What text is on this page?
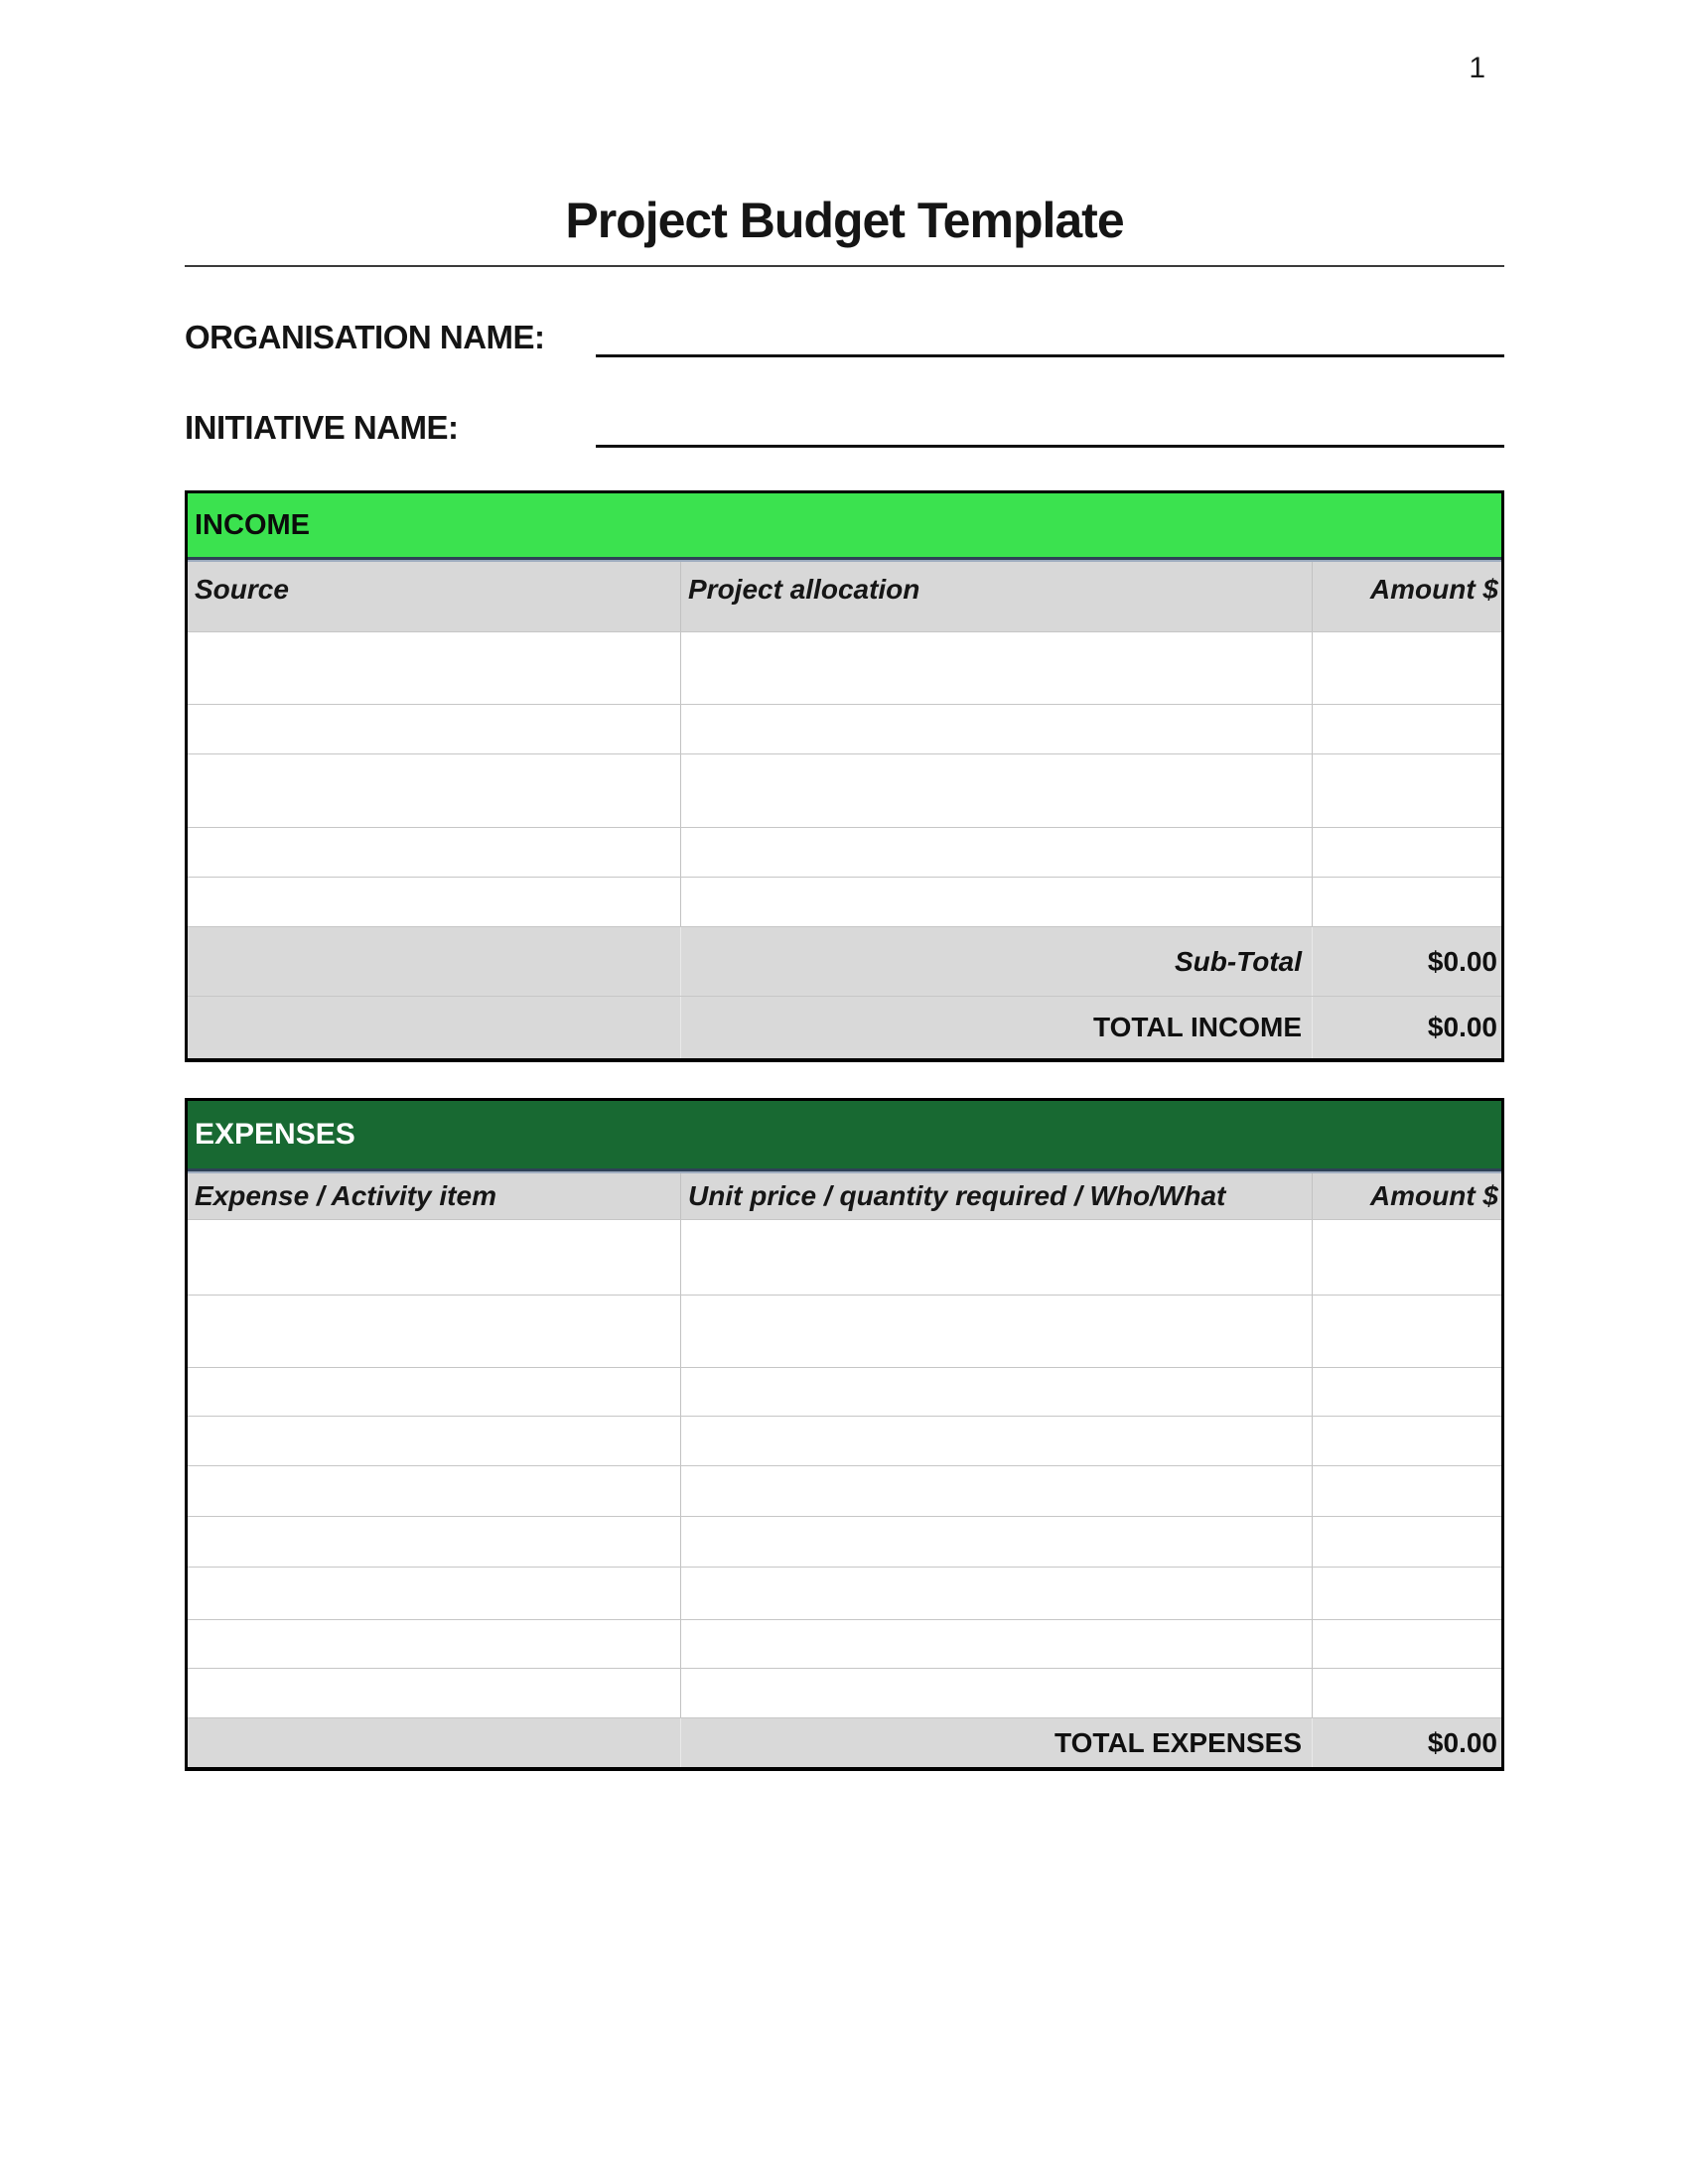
1
Project Budget Template
ORGANISATION NAME:
INITIATIVE NAME:
INCOME
Source	Project allocation	Amount $
Sub-Total	$0.00
TOTAL INCOME	$0.00
EXPENSES
Expense / Activity item	Unit price / quantity required / Who/What	Amount $
TOTAL EXPENSES	$0.00
